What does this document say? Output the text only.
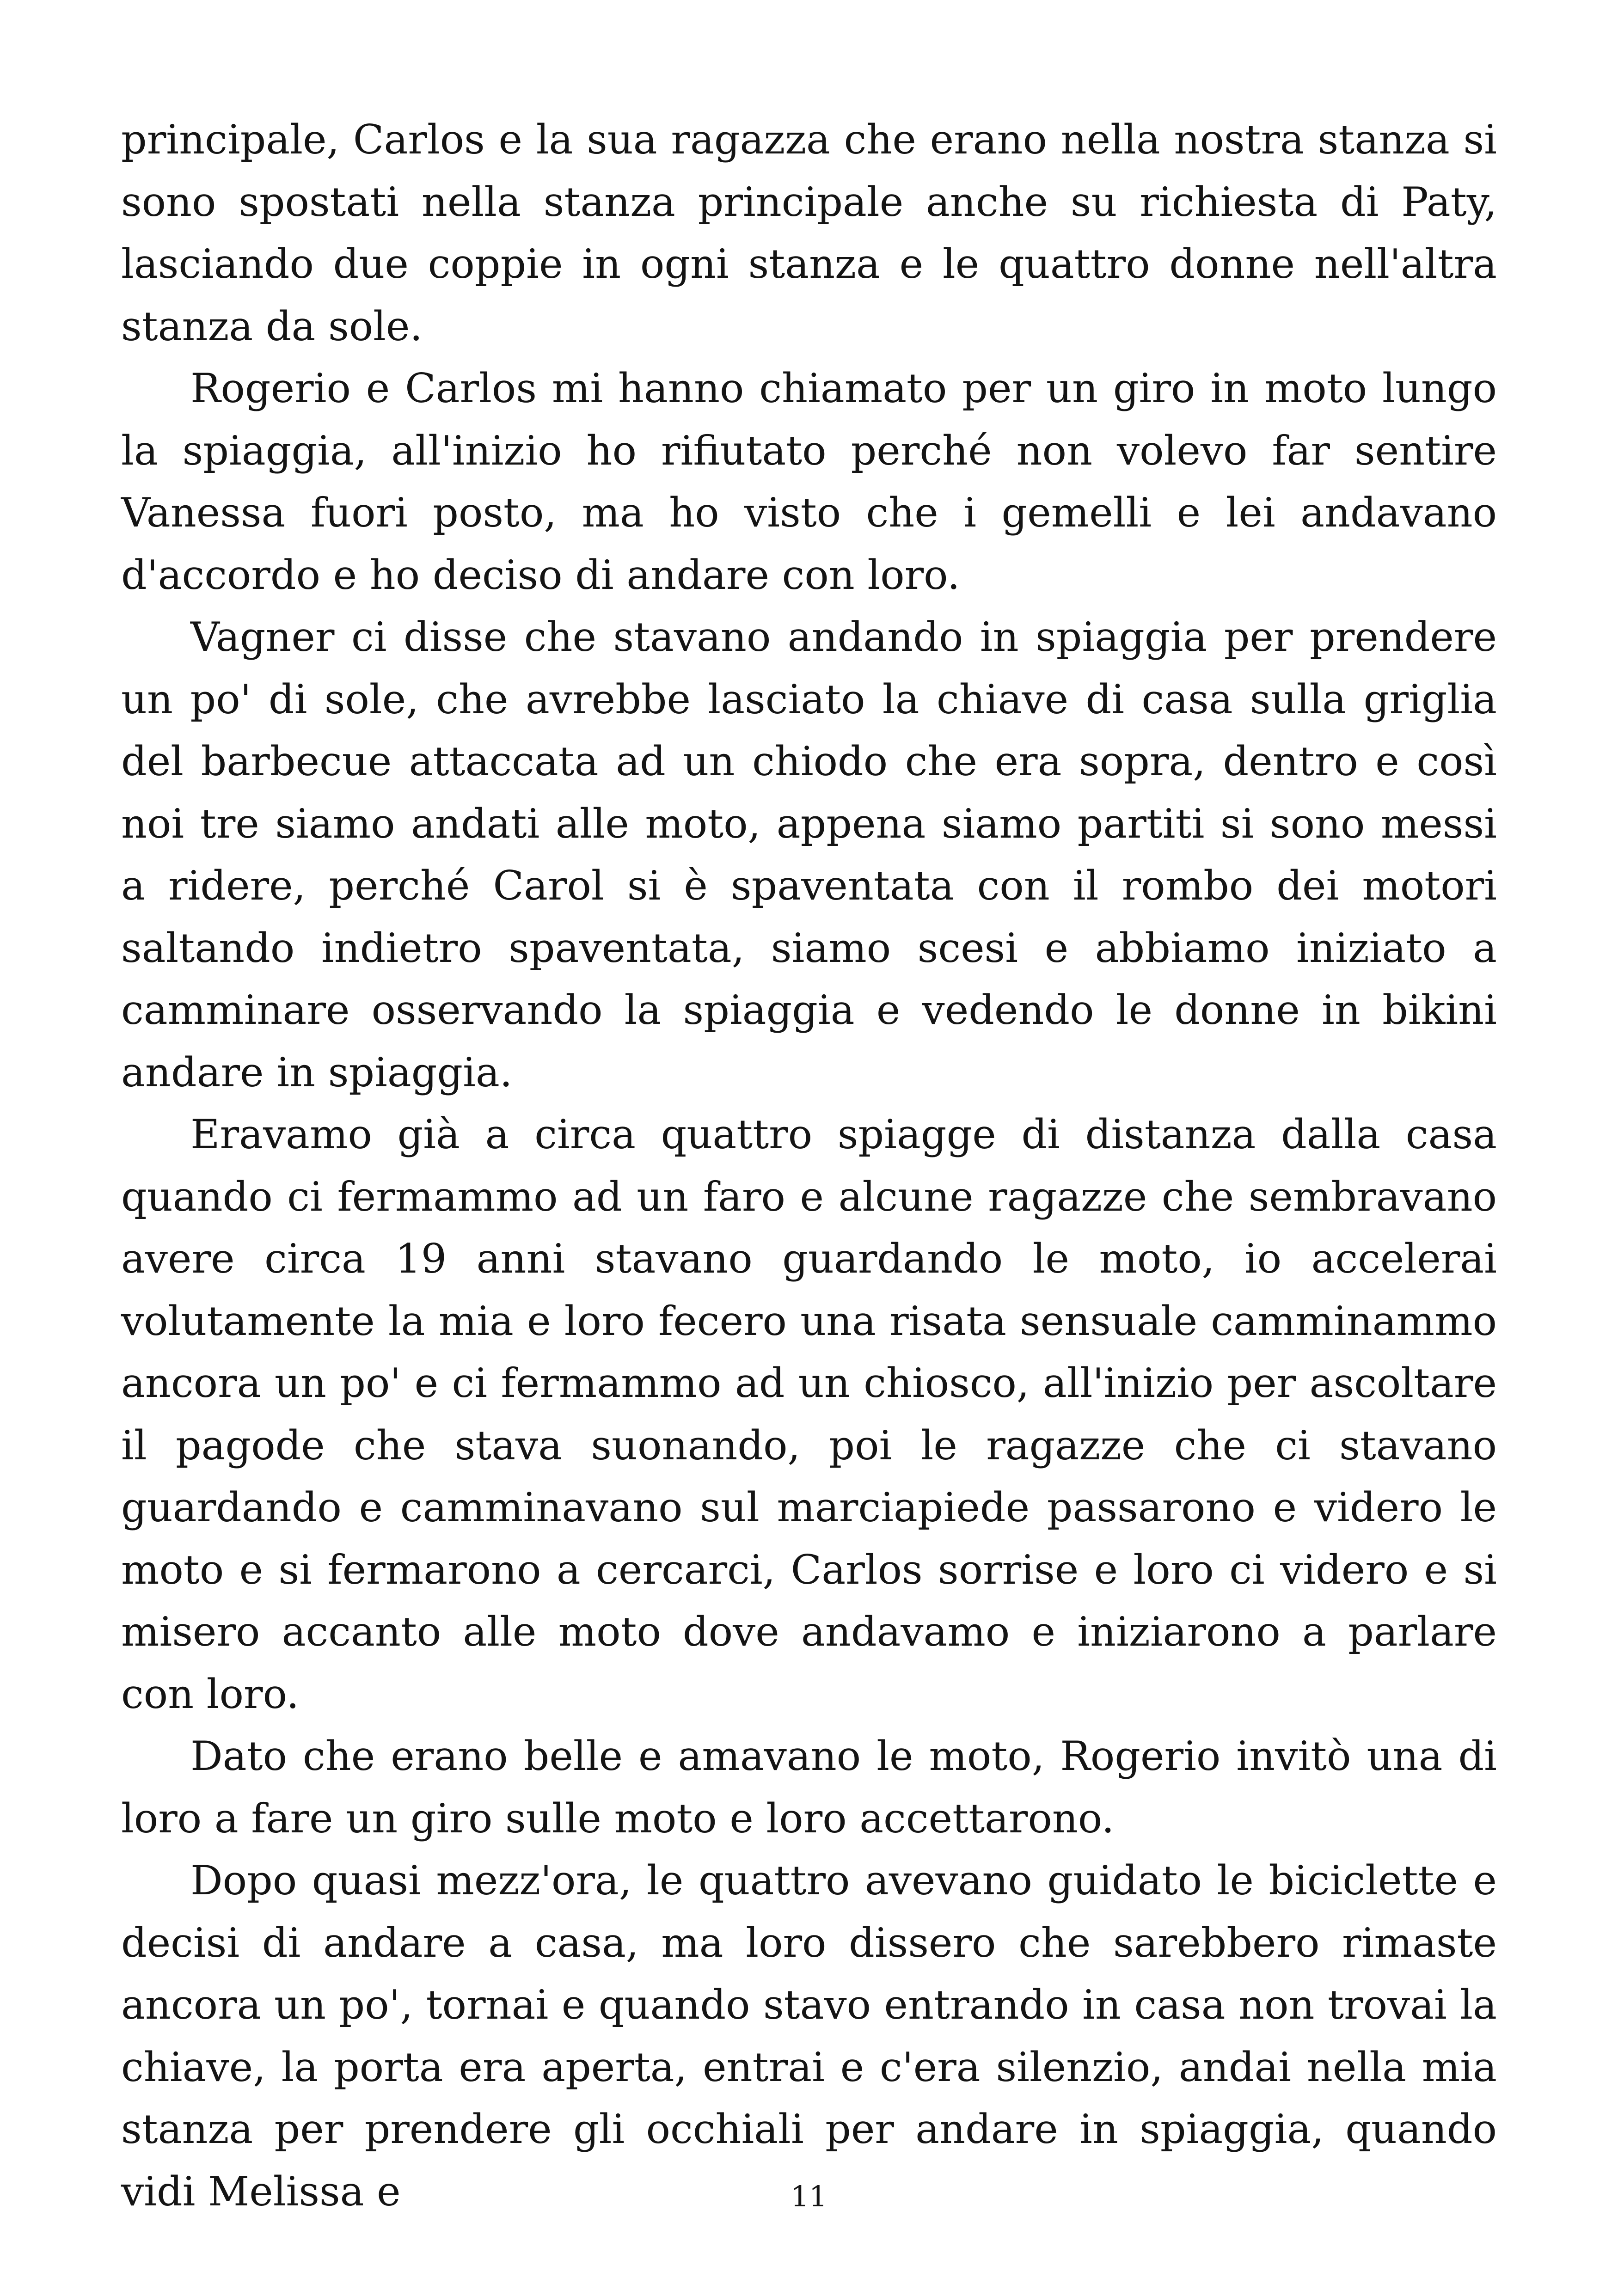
principale, Carlos e la sua ragazza che erano nella nostra stanza si sono spostati nella stanza principale anche su richiesta di Paty, lasciando due coppie in ogni stanza e le quattro donne nell'altra stanza da sole.

Rogerio e Carlos mi hanno chiamato per un giro in moto lungo la spiaggia, all'inizio ho rifiutato perché non volevo far sentire Vanessa fuori posto, ma ho visto che i gemelli e lei andavano d'accordo e ho deciso di andare con loro.

Vagner ci disse che stavano andando in spiaggia per prendere un po' di sole, che avrebbe lasciato la chiave di casa sulla griglia del barbecue attaccata ad un chiodo che era sopra, dentro e così noi tre siamo andati alle moto, appena siamo partiti si sono messi a ridere, perché Carol si è spaventata con il rombo dei motori saltando indietro spaventata, siamo scesi e abbiamo iniziato a camminare osservando la spiaggia e vedendo le donne in bikini andare in spiaggia.

Eravamo già a circa quattro spiagge di distanza dalla casa quando ci fermammo ad un faro e alcune ragazze che sembravano avere circa 19 anni stavano guardando le moto, io accelerai volutamente la mia e loro fecero una risata sensuale camminammo ancora un po' e ci fermammo ad un chiosco, all'inizio per ascoltare il pagode che stava suonando, poi le ragazze che ci stavano guardando e camminavano sul marciapiede passarono e videro le moto e si fermarono a cercarci, Carlos sorrise e loro ci videro e si misero accanto alle moto dove andavamo e iniziarono a parlare con loro.

Dato che erano belle e amavano le moto, Rogerio invitò una di loro a fare un giro sulle moto e loro accettarono.

Dopo quasi mezz'ora, le quattro avevano guidato le biciclette e decisi di andare a casa, ma loro dissero che sarebbero rimaste ancora un po', tornai e quando stavo entrando in casa non trovai la chiave, la porta era aperta, entrai e c'era silenzio, andai nella mia stanza per prendere gli occhiali per andare in spiaggia, quando vidi Melissa e	11
